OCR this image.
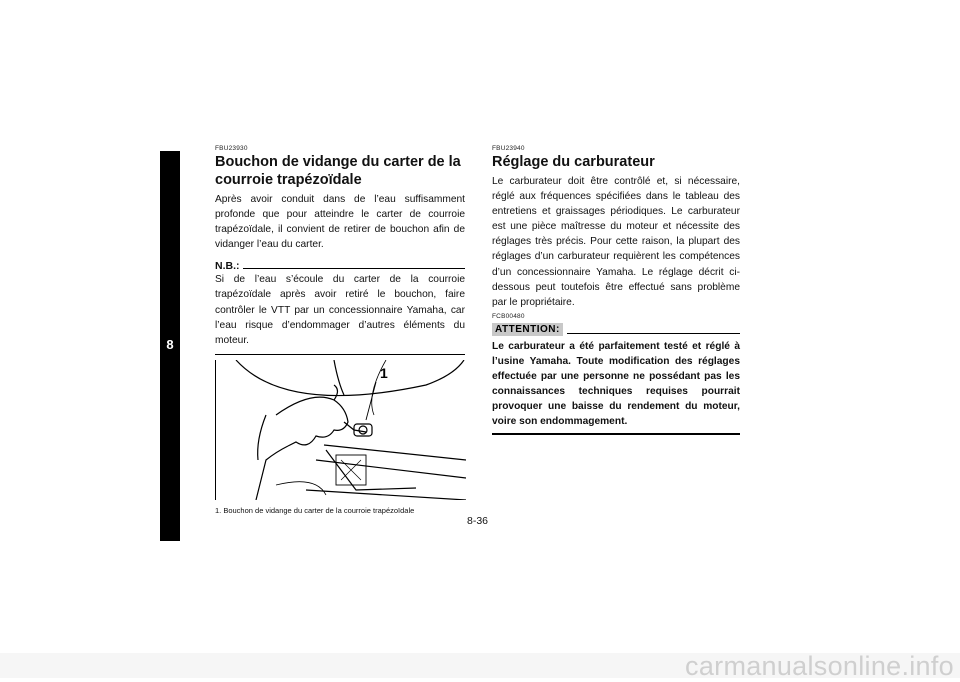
8
FBU23930
Bouchon de vidange du carter de la courroie trapézoïdale

Après avoir conduit dans de l’eau suffisamment profonde que pour atteindre le carter de courroie trapézoïdale, il convient de retirer de bouchon afin de vidanger l’eau du carter.

N.B.:

Si de l’eau s’écoule du carter de la courroie trapézoïdale après avoir retiré le bouchon, faire contrôler le VTT par un concessionnaire Yamaha, car l’eau risque d’endommager d’autres éléments du moteur.

1
1. Bouchon de vidange du carter de la courroie trapézoïdale
FBU23940
Réglage du carburateur

Le carburateur doit être contrôlé et, si nécessaire, réglé aux fréquences spécifiées dans le tableau des entretiens et graissages périodiques. Le carburateur est une pièce maîtresse du moteur et nécessite des réglages très précis. Pour cette raison, la plupart des réglages d’un carburateur requièrent les compétences d’un concessionnaire Yamaha. Le réglage décrit ci-dessous peut toutefois être effectué sans problème par le propriétaire.

FCB00480
ATTENTION:

Le carburateur a été parfaitement testé et réglé à l’usine Yamaha. Toute modification des réglages effectuée par une personne ne possédant pas les connaissances techniques requises pourrait provoquer une baisse du rendement du moteur, voire son endommagement.

8-36
carmanualsonline.info
